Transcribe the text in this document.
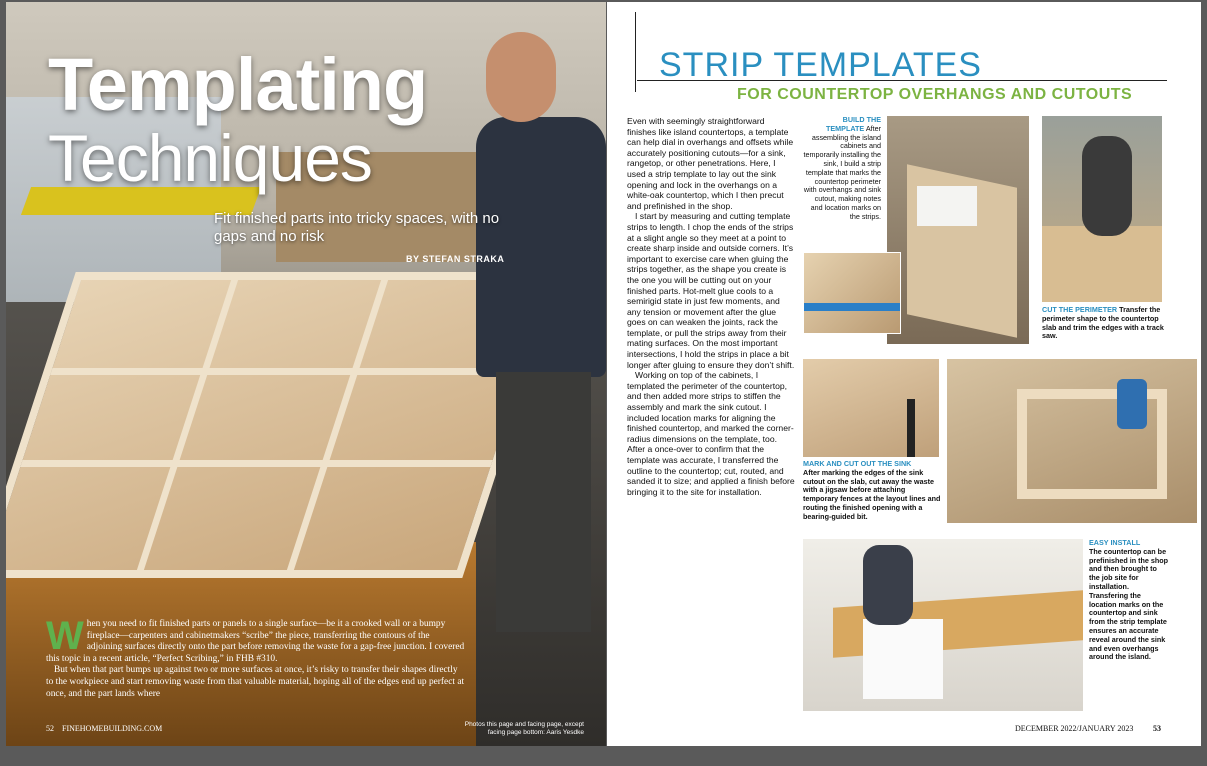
Templating
Techniques
Fit finished parts into tricky spaces, with no gaps and no risk
BY STEFAN STRAKA
W hen you need to fit finished parts or panels to a single surface—be it a crooked wall or a bumpy fireplace—carpenters and cabinetmakers “scribe” the piece, transferring the contours of the adjoining surfaces directly onto the part before removing the waste for a gap-free junction. I covered this topic in a recent article, “Perfect Scribing,” in FHB #310.

But when that part bumps up against two or more surfaces at once, it’s risky to transfer their shapes directly to the workpiece and start removing waste from that valuable material, hoping all of the edges end up perfect at once, and the part lands where

52 FINEHOMEBUILDING.COM	Photos this page and facing page, except facing page bottom: Aaris Yesdke
STRIP TEMPLATES
FOR COUNTERTOP OVERHANGS AND CUTOUTS

Even with seemingly straightforward finishes like island countertops, a template can help dial in overhangs and offsets while accurately positioning cutouts—for a sink, rangetop, or other penetrations. Here, I used a strip template to lay out the sink opening and lock in the overhangs on a white-oak countertop, which I then precut and prefinished in the shop.

I start by measuring and cutting template strips to length. I chop the ends of the strips at a slight angle so they meet at a point to create sharp inside and outside corners. It’s important to exercise care when gluing the strips together, as the shape you create is the one you will be cutting out on your finished parts. Hot-melt glue cools to a semirigid state in just few moments, and any tension or movement after the glue goes on can weaken the joints, rack the template, or pull the strips away from their mating surfaces. On the most important intersections, I hold the strips in place a bit longer after gluing to ensure they don’t shift.

Working on top of the cabinets, I templated the perimeter of the countertop, and then added more strips to stiffen the assembly and mark the sink cutout. I included location marks for aligning the finished countertop, and marked the corner-radius dimensions on the template, too. After a once-over to confirm that the template was accurate, I transferred the outline to the countertop; cut, routed, and sanded it to size; and applied a finish before bringing it to the site for installation.

BUILD THE TEMPLATE After assembling the island cabinets and temporarily installing the sink, I build a strip template that marks the countertop perimeter with overhangs and sink cutout, making notes and location marks on the strips.
CUT THE PERIMETER Transfer the perimeter shape to the countertop slab and trim the edges with a track saw.
MARK AND CUT OUT THE SINK
After marking the edges of the sink cutout on the slab, cut away the waste with a jigsaw before attaching temporary fences at the layout lines and routing the finished opening with a bearing-guided bit.
EASY INSTALL
The countertop can be prefinished in the shop and then brought to the job site for installation. Transfering the location marks on the countertop and sink from the strip template ensures an accurate reveal around the sink and even overhangs around the island.
DECEMBER 2022/JANUARY 2023 53
